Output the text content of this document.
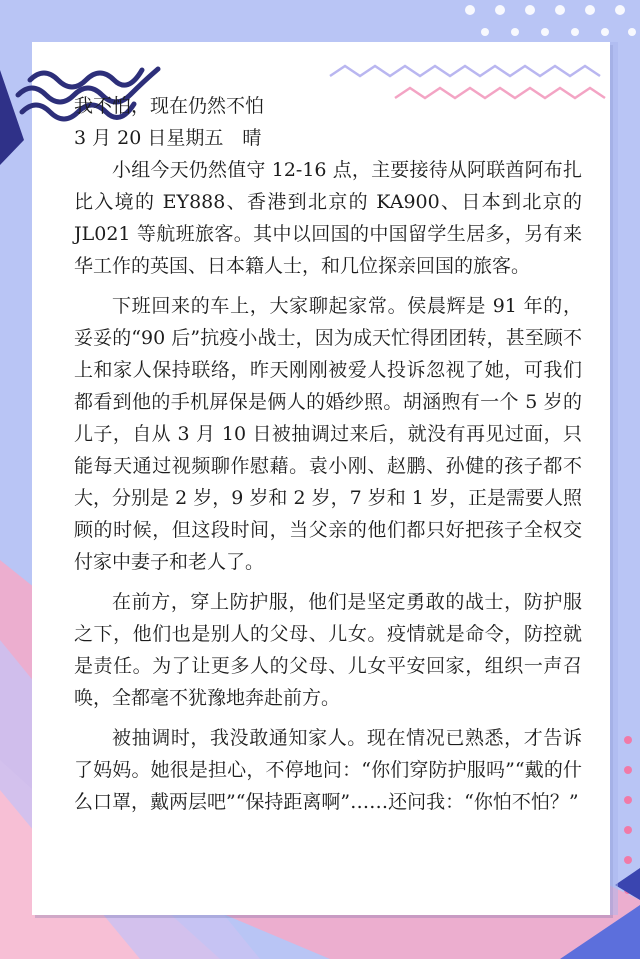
我不怕，现在仍然不怕

3 月 20 日星期五　晴

小组今天仍然值守 12-16 点，主要接待从阿联酋阿布扎比入境的 EY888、香港到北京的 KA900、日本到北京的 JL021 等航班旅客。其中以回国的中国留学生居多，另有来华工作的英国、日本籍人士，和几位探亲回国的旅客。

下班回来的车上，大家聊起家常。侯晨辉是 91 年的，妥妥的“90 后”抗疫小战士，因为成天忙得团团转，甚至顾不上和家人保持联络，昨天刚刚被爱人投诉忽视了她，可我们都看到他的手机屏保是俩人的婚纱照。胡涵煦有一个 5 岁的儿子，自从 3 月 10 日被抽调过来后，就没有再见过面，只能每天通过视频聊作慰藉。袁小刚、赵鹏、孙健的孩子都不大，分别是 2 岁，9 岁和 2 岁，7 岁和 1 岁，正是需要人照顾的时候，但这段时间，当父亲的他们都只好把孩子全权交付家中妻子和老人了。

在前方，穿上防护服，他们是坚定勇敢的战士，防护服之下，他们也是别人的父母、儿女。疫情就是命令，防控就是责任。为了让更多人的父母、儿女平安回家，组织一声召唤，全都毫不犹豫地奔赴前方。

被抽调时，我没敢通知家人。现在情况已熟悉，才告诉了妈妈。她很是担心，不停地问：“你们穿防护服吗”“戴的什么口罩，戴两层吧”“保持距离啊”……还问我：“你怕不怕？”
